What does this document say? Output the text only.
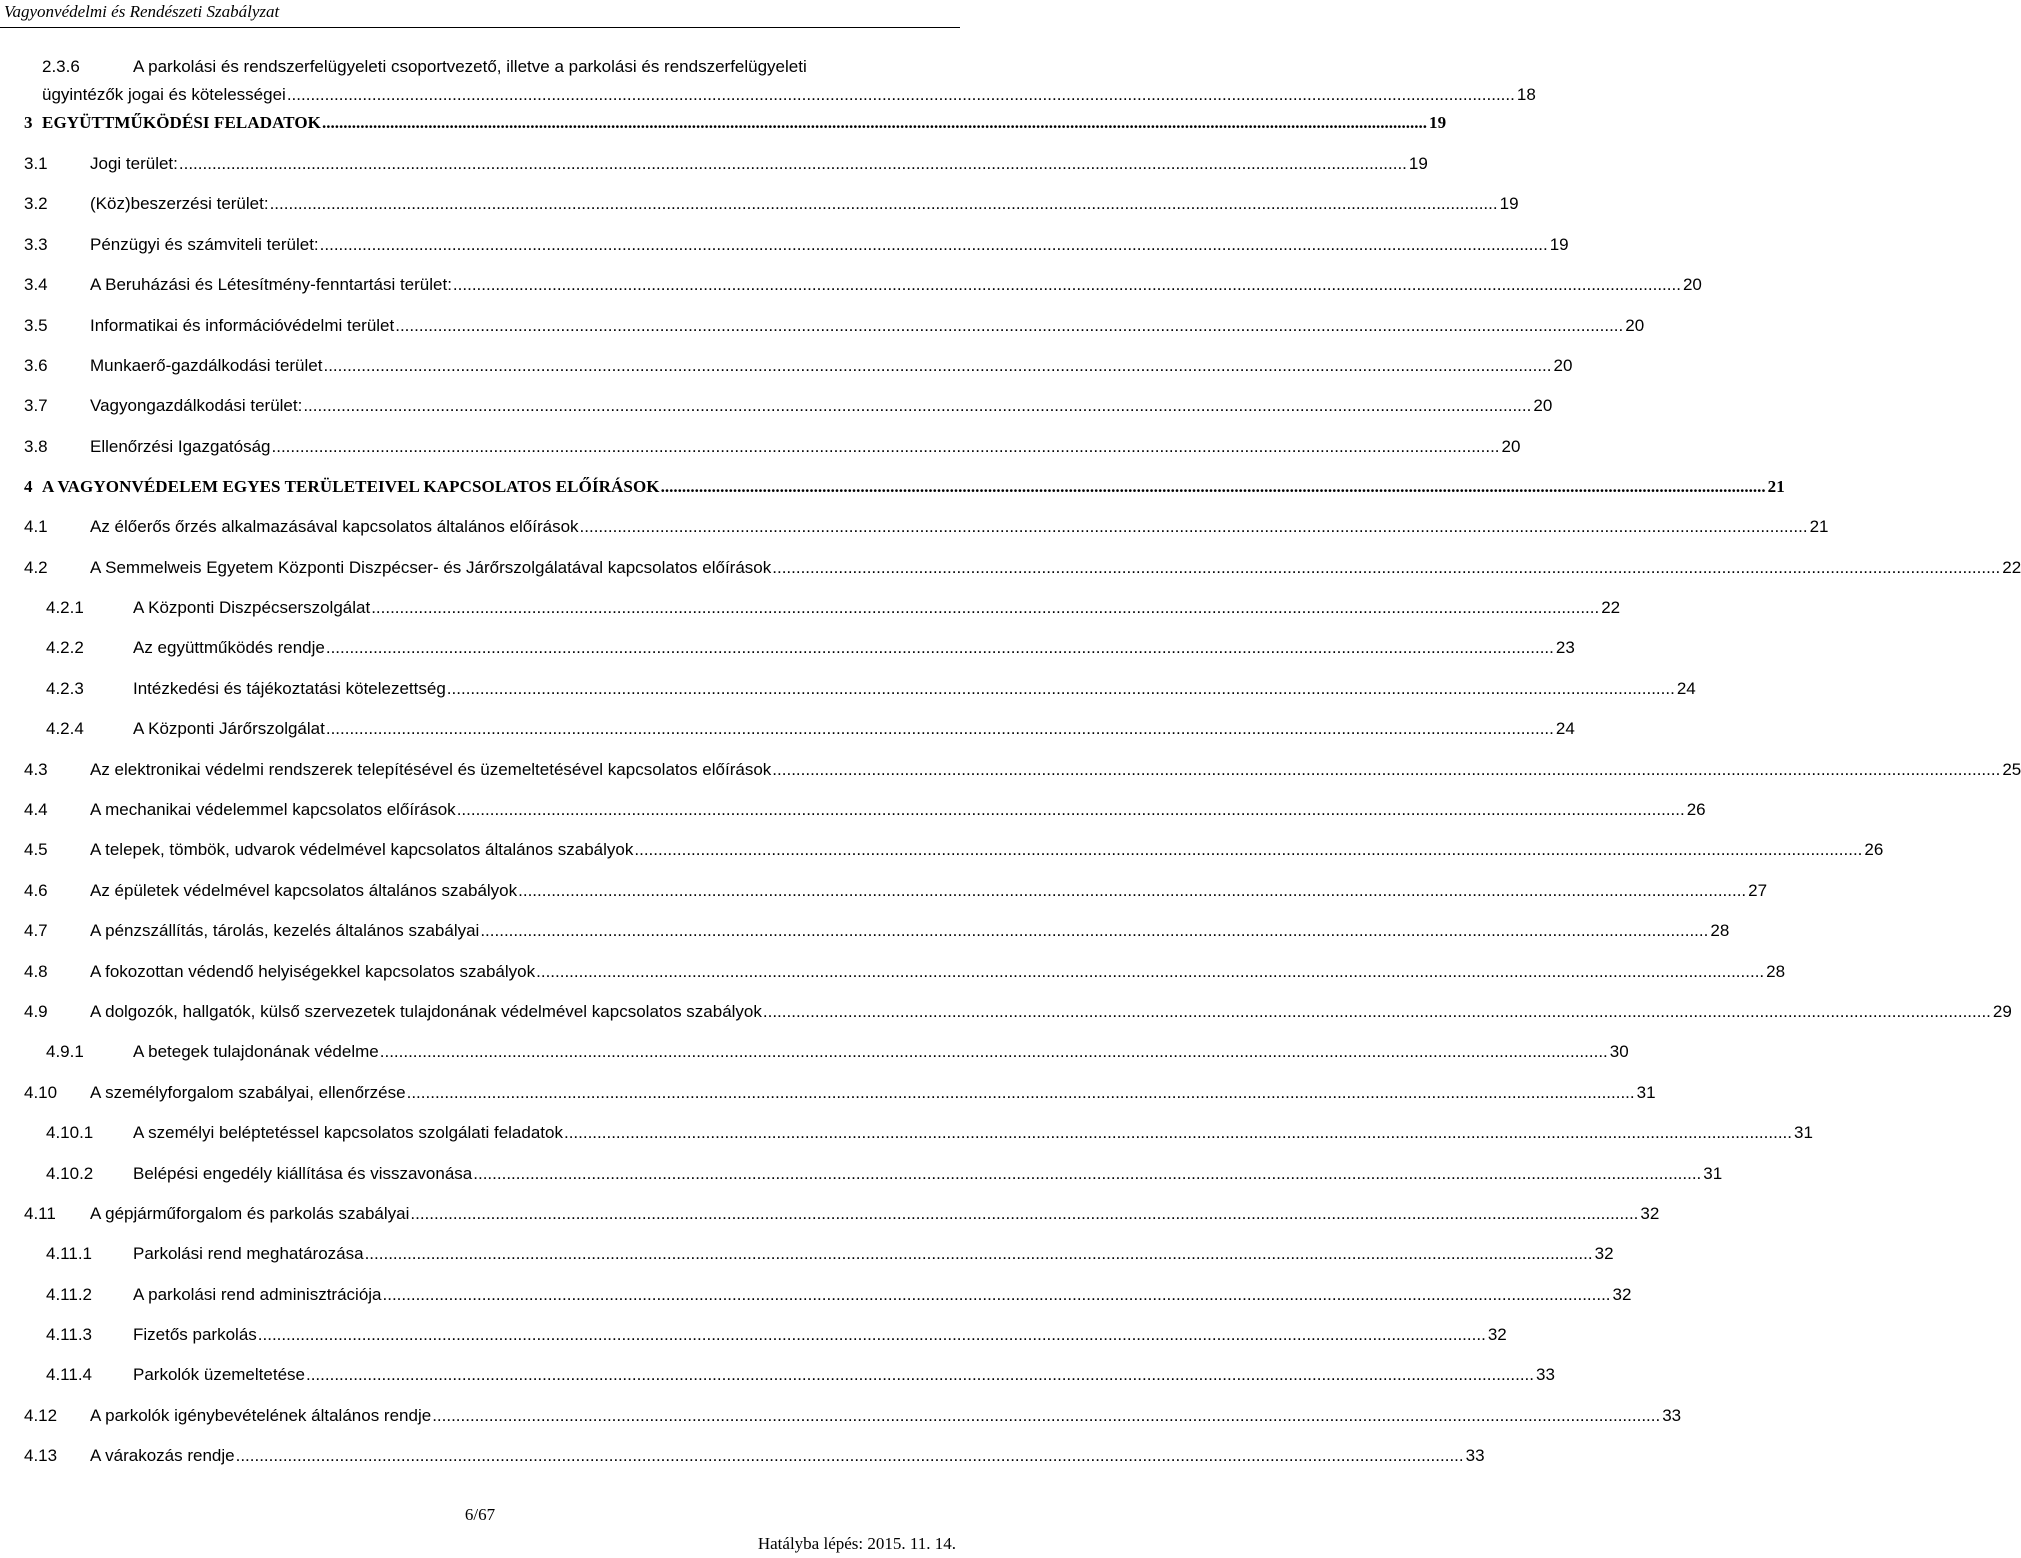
Vagyonvédelmi és Rendészeti Szabályzat
2.3.6	A parkolási és rendszerfelügyeleti csoportvezető, illetve a parkolási és rendszerfelügyeleti
ügyintézők jogai és kötelességei .....	18
3 EGYÜTTMŰKÖDÉSI FELADATOK .....	19
3.1 Jogi terület: .....	19
3.2 (Köz)beszerzési terület: .....	19
3.3 Pénzügyi és számviteli terület: .....	19
3.4 A Beruházási és Létesítmény-fenntartási terület: .....	20
3.5 Informatikai és információvédelmi terület .....	20
3.6 Munkaerő-gazdálkodási terület .....	20
3.7 Vagyongazdálkodási terület: .....	20
3.8 Ellenőrzési Igazgatóság .....	20
4 A VAGYONVÉDELEM EGYES TERÜLETEIVEL KAPCSOLATOS ELŐÍRÁSOK .....	21
4.1 Az élőerős őrzés alkalmazásával kapcsolatos általános előírások .....	21
4.2 A Semmelweis Egyetem Központi Diszpécser- és Járőrszolgálatával kapcsolatos előírások .....	22
4.2.1	A Központi Diszpécserszolgálat .....	22
4.2.2	Az együttműködés rendje .....	23
4.2.3	Intézkedési és tájékoztatási kötelezettség .....	24
4.2.4	A Központi Járőrszolgálat .....	24
4.3 Az elektronikai védelmi rendszerek telepítésével és üzemeltetésével kapcsolatos előírások .....	25
4.4 A mechanikai védelemmel kapcsolatos előírások .....	26
4.5 A telepek, tömbök, udvarok védelmével kapcsolatos általános szabályok .....	26
4.6 Az épületek védelmével kapcsolatos általános szabályok .....	27
4.7 A pénzszállítás, tárolás, kezelés általános szabályai .....	28
4.8 A fokozottan védendő helyiségekkel kapcsolatos szabályok .....	28
4.9 A dolgozók, hallgatók, külső szervezetek tulajdonának védelmével kapcsolatos szabályok .....	29
4.9.1	A betegek tulajdonának védelme .....	30
4.10 A személyforgalom szabályai, ellenőrzése .....	31
4.10.1 A személyi beléptetéssel kapcsolatos szolgálati feladatok .....	31
4.10.2 Belépési engedély kiállítása és visszavonása .....	31
4.11 A gépjárműforgalom és parkolás szabályai .....	32
4.11.1 Parkolási rend meghatározása .....	32
4.11.2 A parkolási rend adminisztrációja .....	32
4.11.3 Fizetős parkolás .....	32
4.11.4 Parkolók üzemeltetése .....	33
4.12 A parkolók igénybevételének általános rendje .....	33
4.13 A várakozás rendje .....	33
6/67
Hatályba lépés: 2015. 11. 14.
